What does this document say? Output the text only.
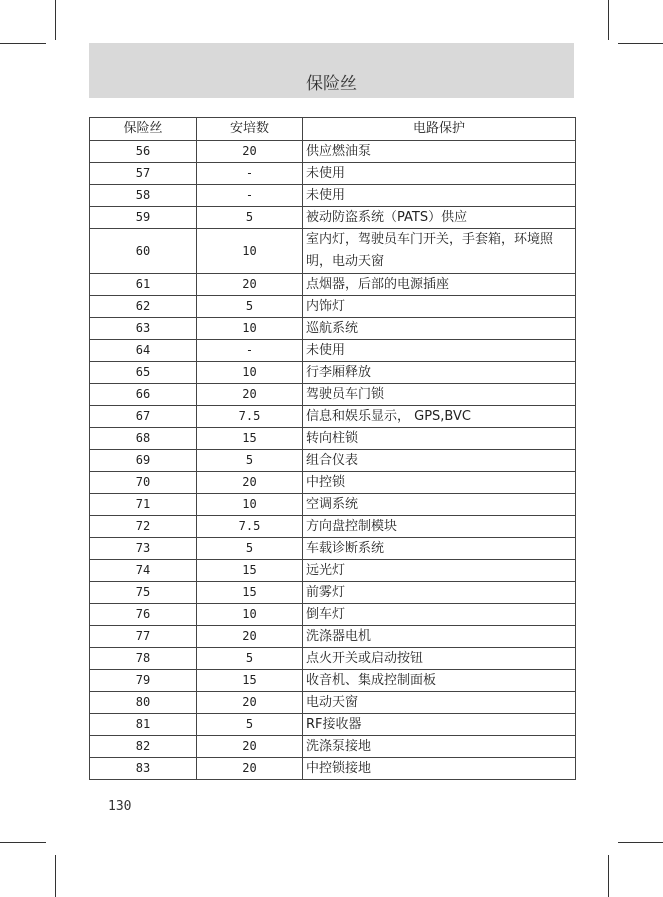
保险丝
保险丝	安培数	电路保护
56	20	供应燃油泵
57	-	未使用
58	-	未使用
59	5	被动防盗系统（PATS）供应
60	10	室内灯，驾驶员车门开关，手套箱，环境照明，电动天窗
61	20	点烟器，后部的电源插座
62	5	内饰灯
63	10	巡航系统
64	-	未使用
65	10	行李厢释放
66	20	驾驶员车门锁
67	7.5	信息和娱乐显示， GPS,BVC
68	15	转向柱锁
69	5	组合仪表
70	20	中控锁
71	10	空调系统
72	7.5	方向盘控制模块
73	5	车载诊断系统
74	15	远光灯
75	15	前雾灯
76	10	倒车灯
77	20	洗涤器电机
78	5	点火开关或启动按钮
79	15	收音机、集成控制面板
80	20	电动天窗
81	5	RF接收器
82	20	洗涤泵接地
83	20	中控锁接地
130
